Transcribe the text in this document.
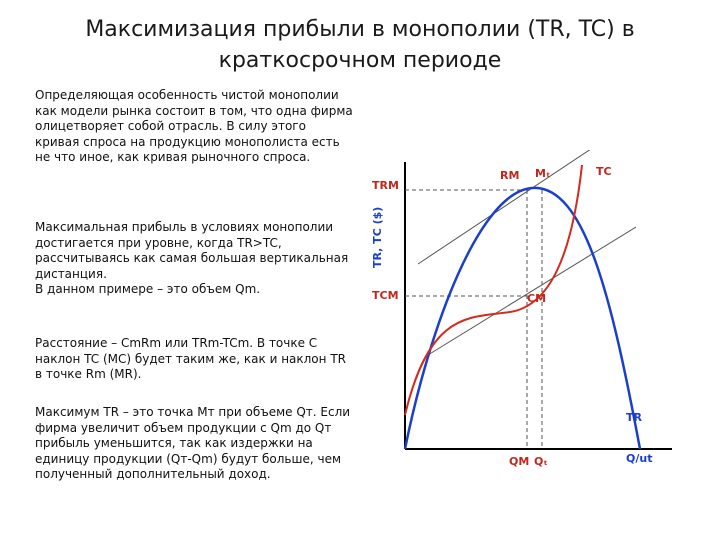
Максимизация прибыли в монополии (TR, TC) в
краткосрочном периоде

Определяющая особенность чистой монополии как модели рынка состоит в том, что одна фирма олицетворяет собой отрасль. В силу этого кривая спроса на продукцию монополиста есть не что иное, как кривая рыночного спроса.

Максимальная прибыль в условиях монополии достигается при уровне, когда TR>TC, рассчитываясь как самая большая вертикальная дистанция.
В данном примере – это объем Qm.

Расстояние – CmRm или TRm-TCm. В точке C наклон TC (MC) будет таким же, как и наклон TR в точке Rm (MR).

Максимум TR – это точка Mт при объеме Qт. Если фирма увеличит объем продукции с Qm до Qт прибыль уменьшится, так как издержки на единицу продукции (Qт-Qm) будут больше, чем полученный дополнительный доход.

TRM
TCM
RM Mₜ
CM
TC
TR
QM Qₜ	Q/ut
TR, TC ($)
